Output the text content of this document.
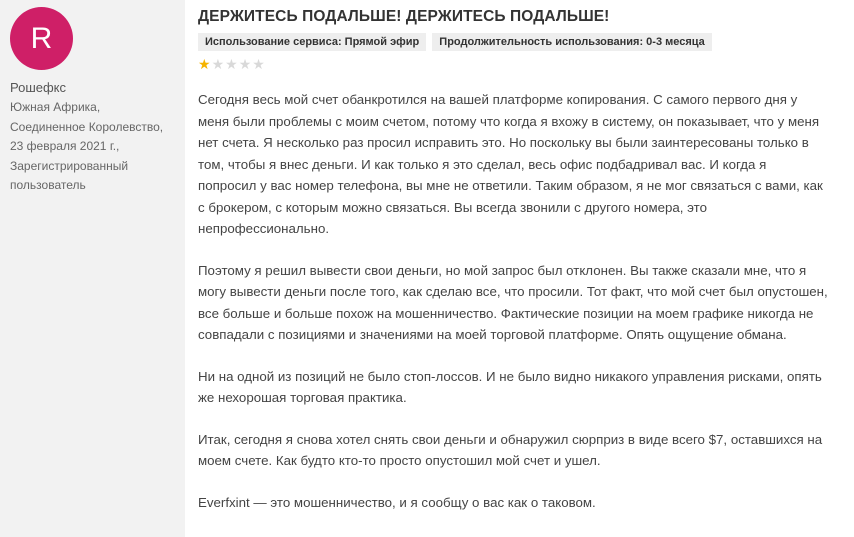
R
Рошефкс
Южная Африка,
Соединенное Королевство,
23 февраля 2021 г.,
Зарегистрированный
пользователь
ДЕРЖИТЕСЬ ПОДАЛЬШЕ! ДЕРЖИТЕСЬ ПОДАЛЬШЕ!
Использование сервиса: Прямой эфир	Продолжительность использования: 0-3 месяца
★ ★ ★ ★ ★

Сегодня весь мой счет обанкротился на вашей платформе копирования. С самого первого дня у меня были проблемы с моим счетом, потому что когда я вхожу в систему, он показывает, что у меня нет счета. Я несколько раз просил исправить это. Но поскольку вы были заинтересованы только в том, чтобы я внес деньги. И как только я это сделал, весь офис подбадривал вас. И когда я попросил у вас номер телефона, вы мне не ответили. Таким образом, я не мог связаться с вами, как с брокером, с которым можно связаться. Вы всегда звонили с другого номера, это непрофессионально.

Поэтому я решил вывести свои деньги, но мой запрос был отклонен. Вы также сказали мне, что я могу вывести деньги после того, как сделаю все, что просили. Тот факт, что мой счет был опустошен, все больше и больше похож на мошенничество. Фактические позиции на моем графике никогда не совпадали с позициями и значениями на моей торговой платформе. Опять ощущение обмана.

Ни на одной из позиций не было стоп-лоссов. И не было видно никакого управления рисками, опять же нехорошая торговая практика.

Итак, сегодня я снова хотел снять свои деньги и обнаружил сюрприз в виде всего $7, оставшихся на моем счете. Как будто кто-то просто опустошил мой счет и ушел.

Everfxint — это мошенничество, и я сообщу о вас как о таковом.
